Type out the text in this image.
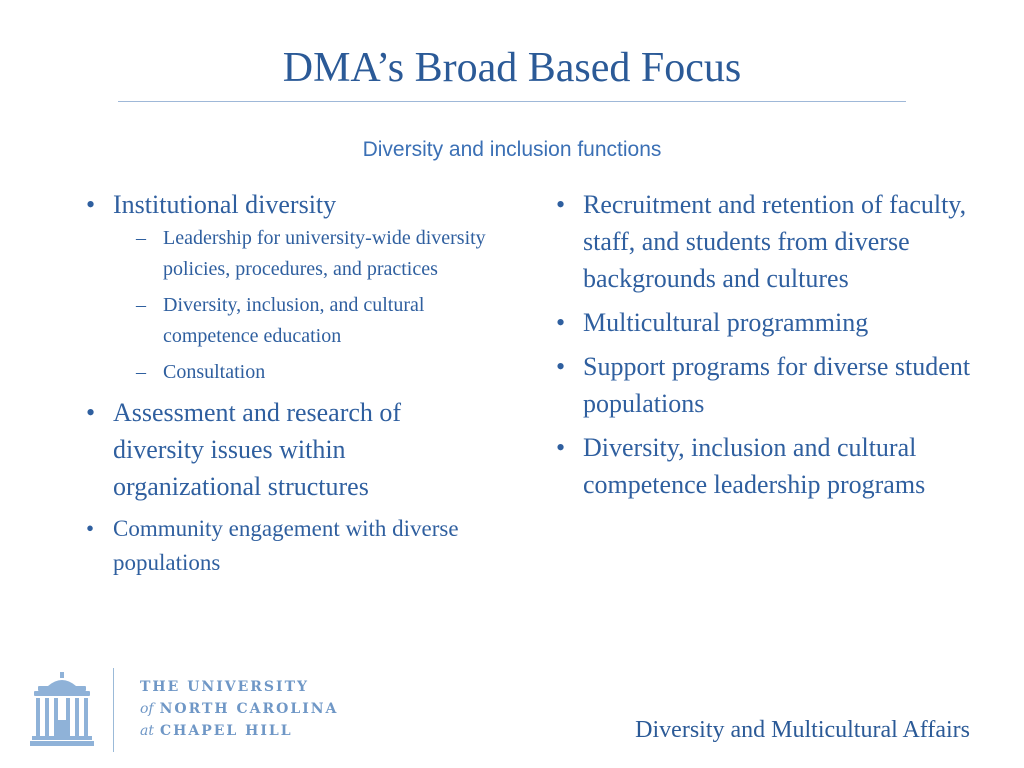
DMA’s Broad Based Focus
Diversity and inclusion functions
• Institutional diversity
– Leadership for university-wide diversity policies, procedures, and practices
– Diversity, inclusion, and cultural competence education
– Consultation
• Assessment and research of diversity issues within organizational structures
• Community engagement with diverse populations
• Recruitment and retention of faculty, staff, and students from diverse backgrounds and cultures
• Multicultural programming
• Support programs for diverse student populations
• Diversity, inclusion and cultural competence leadership programs
THE UNIVERSITY
of NORTH CAROLINA
at CHAPEL HILL	Diversity and Multicultural Affairs
